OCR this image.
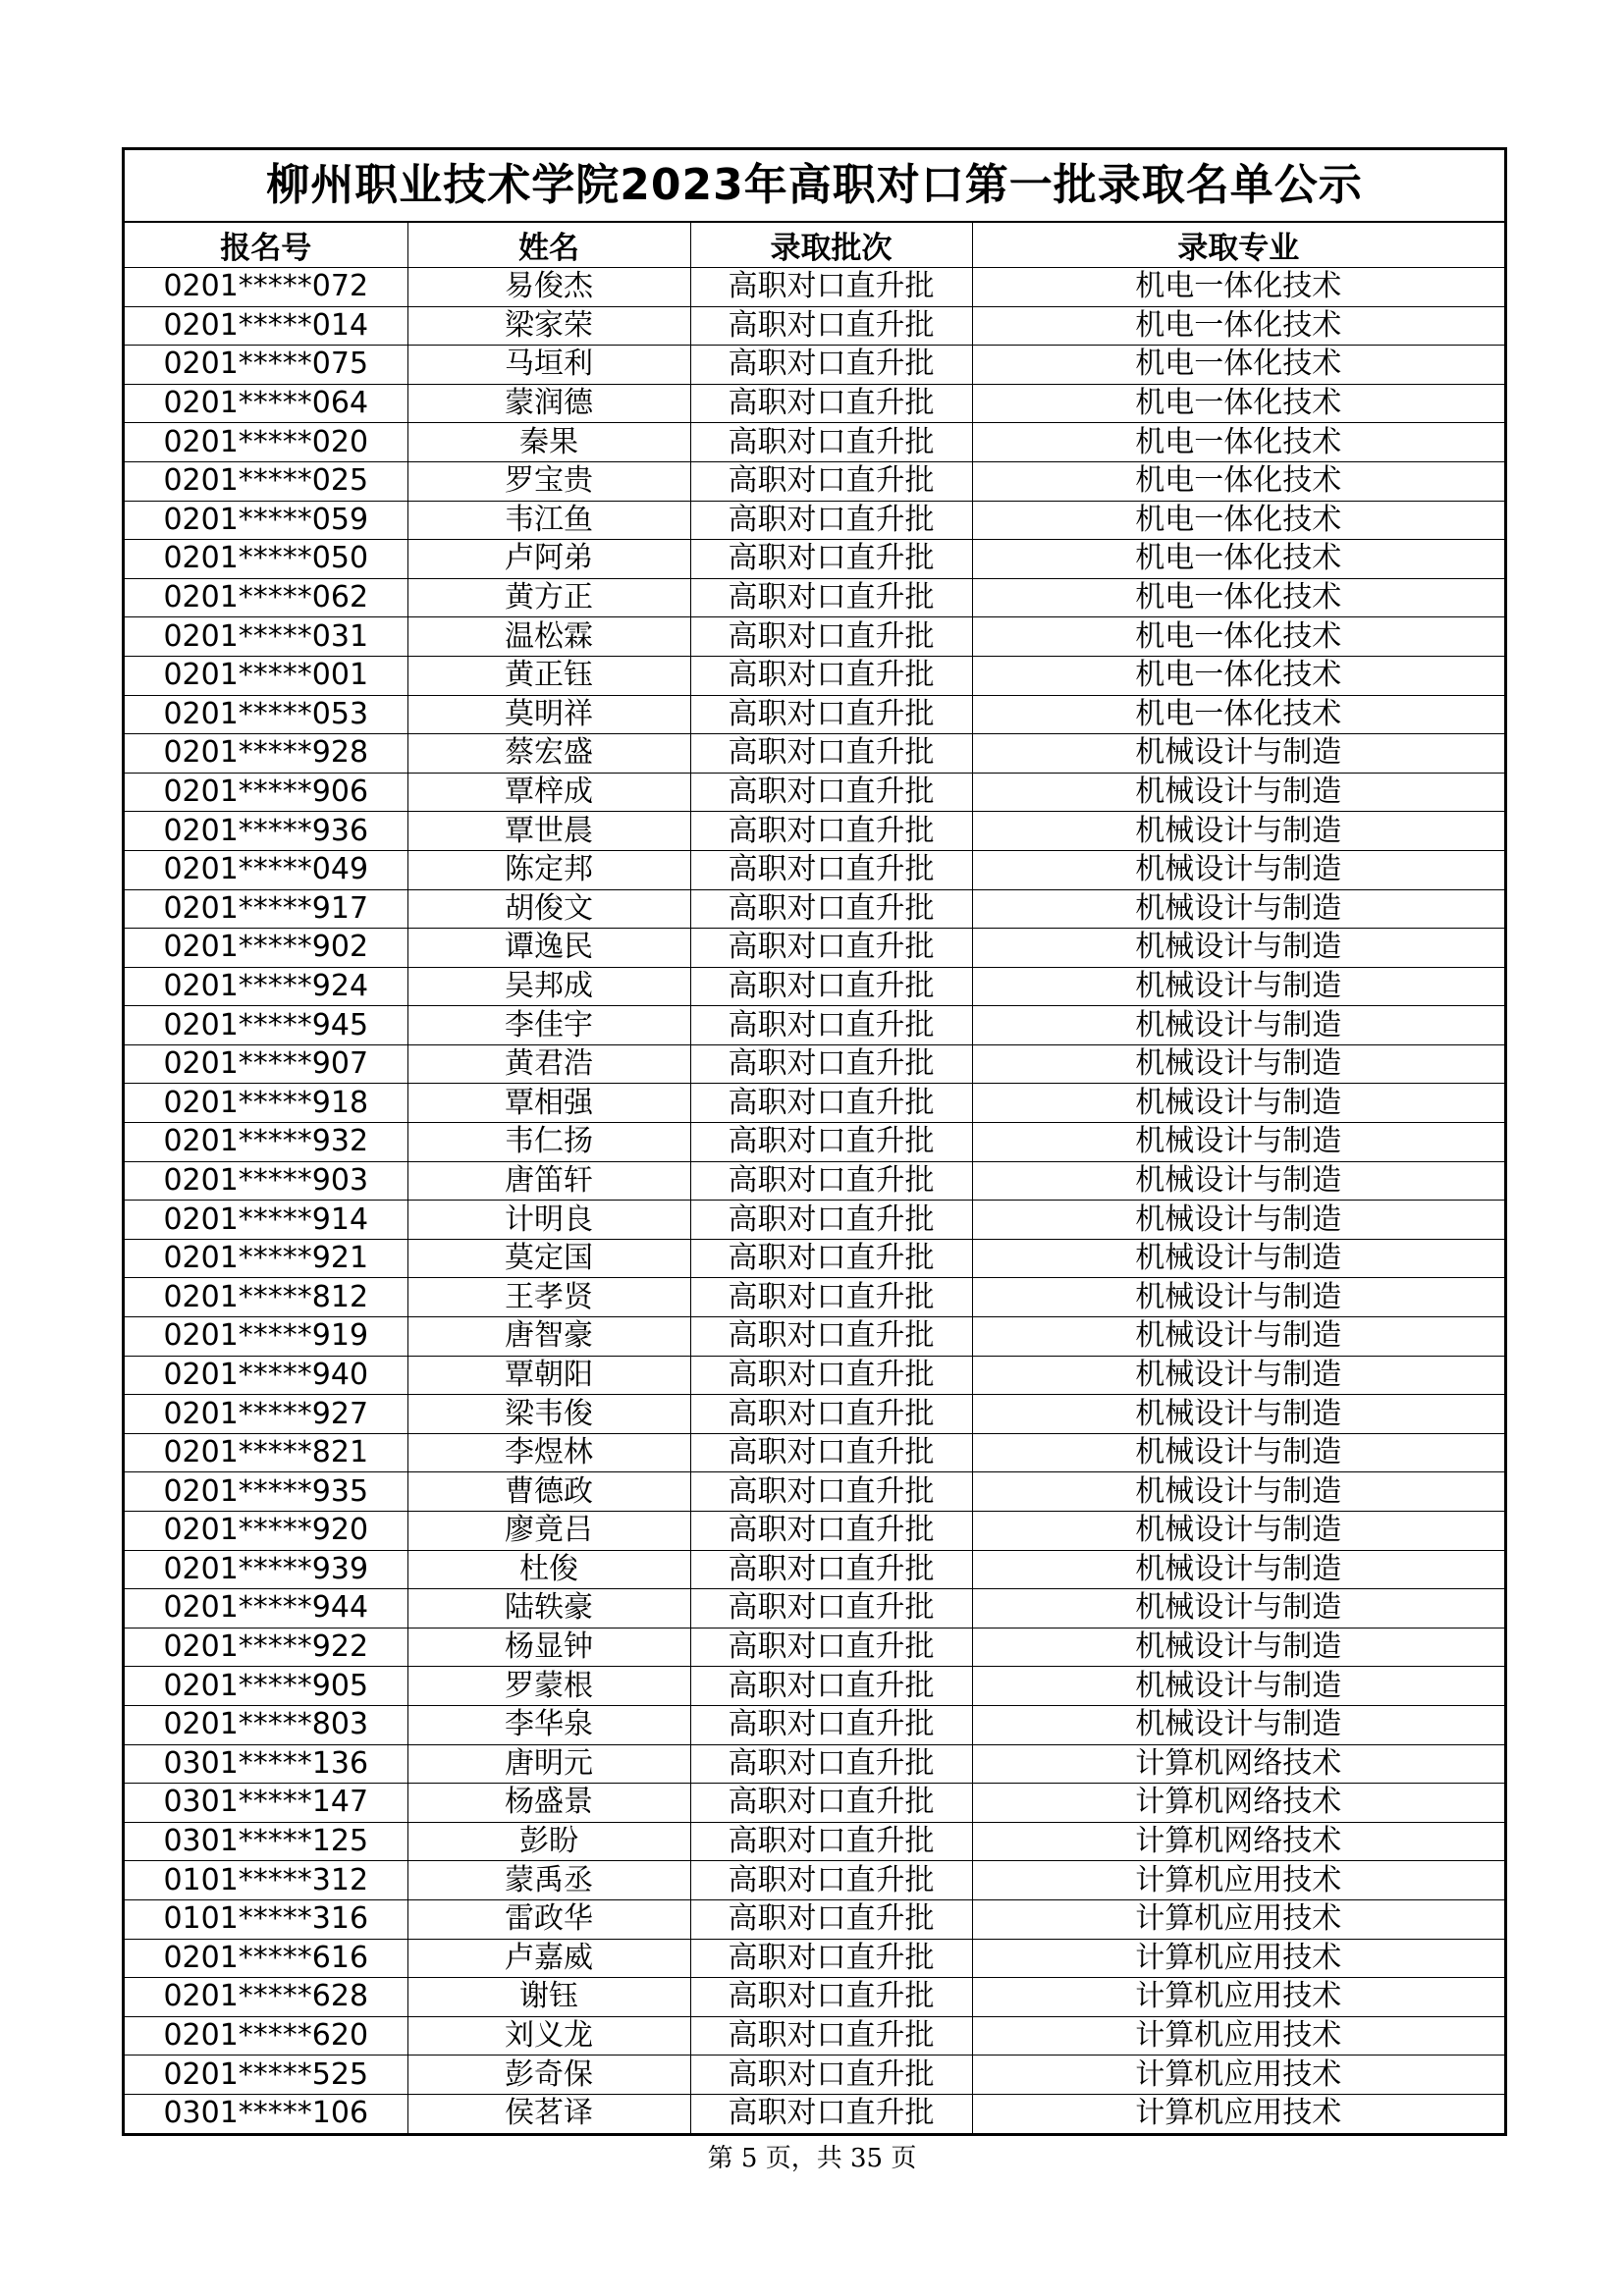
柳州职业技术学院2023年高职对口第一批录取名单公示
报名号	姓名	录取批次	录取专业
0201*****072	易俊杰	高职对口直升批	机电一体化技术
0201*****014	梁家荣	高职对口直升批	机电一体化技术
0201*****075	马垣利	高职对口直升批	机电一体化技术
0201*****064	蒙润德	高职对口直升批	机电一体化技术
0201*****020	秦果	高职对口直升批	机电一体化技术
0201*****025	罗宝贵	高职对口直升批	机电一体化技术
0201*****059	韦江鱼	高职对口直升批	机电一体化技术
0201*****050	卢阿弟	高职对口直升批	机电一体化技术
0201*****062	黄方正	高职对口直升批	机电一体化技术
0201*****031	温松霖	高职对口直升批	机电一体化技术
0201*****001	黄正钰	高职对口直升批	机电一体化技术
0201*****053	莫明祥	高职对口直升批	机电一体化技术
0201*****928	蔡宏盛	高职对口直升批	机械设计与制造
0201*****906	覃梓成	高职对口直升批	机械设计与制造
0201*****936	覃世晨	高职对口直升批	机械设计与制造
0201*****049	陈定邦	高职对口直升批	机械设计与制造
0201*****917	胡俊文	高职对口直升批	机械设计与制造
0201*****902	谭逸民	高职对口直升批	机械设计与制造
0201*****924	吴邦成	高职对口直升批	机械设计与制造
0201*****945	李佳宇	高职对口直升批	机械设计与制造
0201*****907	黄君浩	高职对口直升批	机械设计与制造
0201*****918	覃相强	高职对口直升批	机械设计与制造
0201*****932	韦仁扬	高职对口直升批	机械设计与制造
0201*****903	唐笛轩	高职对口直升批	机械设计与制造
0201*****914	计明良	高职对口直升批	机械设计与制造
0201*****921	莫定国	高职对口直升批	机械设计与制造
0201*****812	王孝贤	高职对口直升批	机械设计与制造
0201*****919	唐智豪	高职对口直升批	机械设计与制造
0201*****940	覃朝阳	高职对口直升批	机械设计与制造
0201*****927	梁韦俊	高职对口直升批	机械设计与制造
0201*****821	李煜林	高职对口直升批	机械设计与制造
0201*****935	曹德政	高职对口直升批	机械设计与制造
0201*****920	廖竟吕	高职对口直升批	机械设计与制造
0201*****939	杜俊	高职对口直升批	机械设计与制造
0201*****944	陆轶豪	高职对口直升批	机械设计与制造
0201*****922	杨显钟	高职对口直升批	机械设计与制造
0201*****905	罗蒙根	高职对口直升批	机械设计与制造
0201*****803	李华泉	高职对口直升批	机械设计与制造
0301*****136	唐明元	高职对口直升批	计算机网络技术
0301*****147	杨盛景	高职对口直升批	计算机网络技术
0301*****125	彭盼	高职对口直升批	计算机网络技术
0101*****312	蒙禹丞	高职对口直升批	计算机应用技术
0101*****316	雷政华	高职对口直升批	计算机应用技术
0201*****616	卢嘉威	高职对口直升批	计算机应用技术
0201*****628	谢钰	高职对口直升批	计算机应用技术
0201*****620	刘义龙	高职对口直升批	计算机应用技术
0201*****525	彭奇保	高职对口直升批	计算机应用技术
0301*****106	侯茗译	高职对口直升批	计算机应用技术
第 5 页，共 35 页
